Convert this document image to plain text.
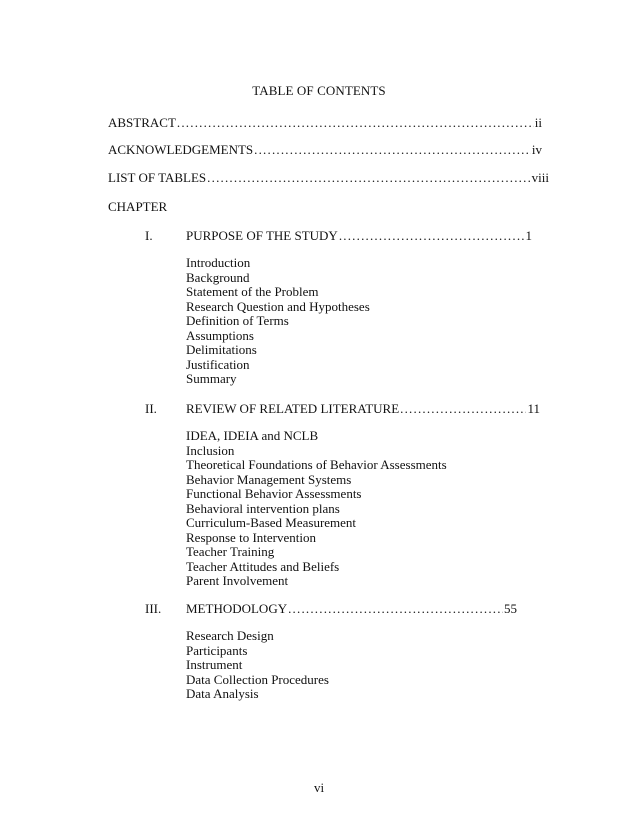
TABLE OF CONTENTS
ABSTRACT .....	ii
ACKNOWLEDGEMENTS .....	iv
LIST OF TABLES .....	viii
CHAPTER
I.	PURPOSE OF THE STUDY .....	1
Introduction
Background
Statement of the Problem
Research Question and Hypotheses
Definition of Terms
Assumptions
Delimitations
Justification
Summary
II. REVIEW OF RELATED LITERATURE .....	11
IDEA, IDEIA and NCLB
Inclusion
Theoretical Foundations of Behavior Assessments
Behavior Management Systems
Functional Behavior Assessments
Behavioral intervention plans
Curriculum-Based Measurement
Response to Intervention
Teacher Training
Teacher Attitudes and Beliefs
Parent Involvement
III. METHODOLOGY .....	55
Research Design
Participants
Instrument
Data Collection Procedures
Data Analysis
vi
